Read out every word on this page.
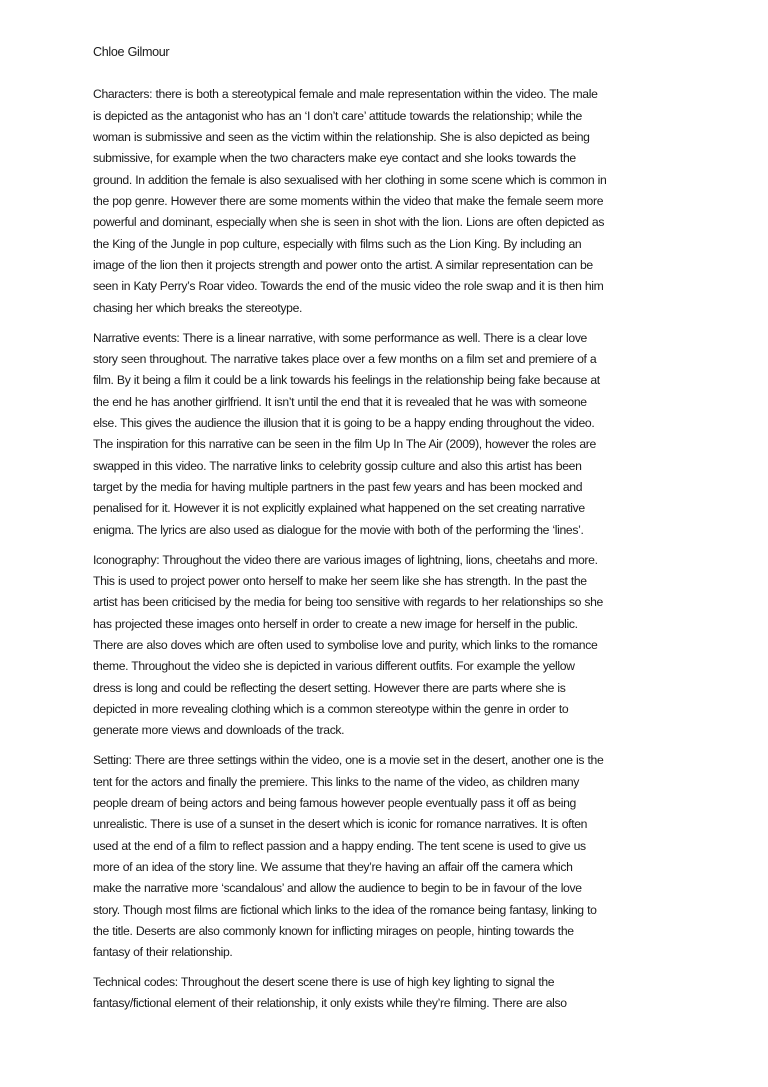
Chloe Gilmour
Characters: there is both a stereotypical female and male representation within the video. The male
is depicted as the antagonist who has an ‘I don’t care’ attitude towards the relationship; while the
woman is submissive and seen as the victim within the relationship. She is also depicted as being
submissive, for example when the two characters make eye contact and she looks towards the
ground. In addition the female is also sexualised with her clothing in some scene which is common in
the pop genre. However there are some moments within the video that make the female seem more
powerful and dominant, especially when she is seen in shot with the lion. Lions are often depicted as
the King of the Jungle in pop culture, especially with films such as the Lion King. By including an
image of the lion then it projects strength and power onto the artist. A similar representation can be
seen in Katy Perry’s Roar video. Towards the end of the music video the role swap and it is then him
chasing her which breaks the stereotype.
Narrative events: There is a linear narrative, with some performance as well. There is a clear love
story seen throughout. The narrative takes place over a few months on a film set and premiere of a
film. By it being a film it could be a link towards his feelings in the relationship being fake because at
the end he has another girlfriend. It isn’t until the end that it is revealed that he was with someone
else. This gives the audience the illusion that it is going to be a happy ending throughout the video.
The inspiration for this narrative can be seen in the film Up In The Air (2009), however the roles are
swapped in this video. The narrative links to celebrity gossip culture and also this artist has been
target by the media for having multiple partners in the past few years and has been mocked and
penalised for it. However it is not explicitly explained what happened on the set creating narrative
enigma. The lyrics are also used as dialogue for the movie with both of the performing the ‘lines’.
Iconography: Throughout the video there are various images of lightning, lions, cheetahs and more.
This is used to project power onto herself to make her seem like she has strength. In the past the
artist has been criticised by the media for being too sensitive with regards to her relationships so she
has projected these images onto herself in order to create a new image for herself in the public.
There are also doves which are often used to symbolise love and purity, which links to the romance
theme. Throughout the video she is depicted in various different outfits. For example the yellow
dress is long and could be reflecting the desert setting. However there are parts where she is
depicted in more revealing clothing which is a common stereotype within the genre in order to
generate more views and downloads of the track.
Setting: There are three settings within the video, one is a movie set in the desert, another one is the
tent for the actors and finally the premiere. This links to the name of the video, as children many
people dream of being actors and being famous however people eventually pass it off as being
unrealistic. There is use of a sunset in the desert which is iconic for romance narratives. It is often
used at the end of a film to reflect passion and a happy ending. The tent scene is used to give us
more of an idea of the story line. We assume that they’re having an affair off the camera which
make the narrative more ‘scandalous’ and allow the audience to begin to be in favour of the love
story. Though most films are fictional which links to the idea of the romance being fantasy, linking to
the title. Deserts are also commonly known for inflicting mirages on people, hinting towards the
fantasy of their relationship.
Technical codes: Throughout the desert scene there is use of high key lighting to signal the
fantasy/fictional element of their relationship, it only exists while they’re filming. There are also
